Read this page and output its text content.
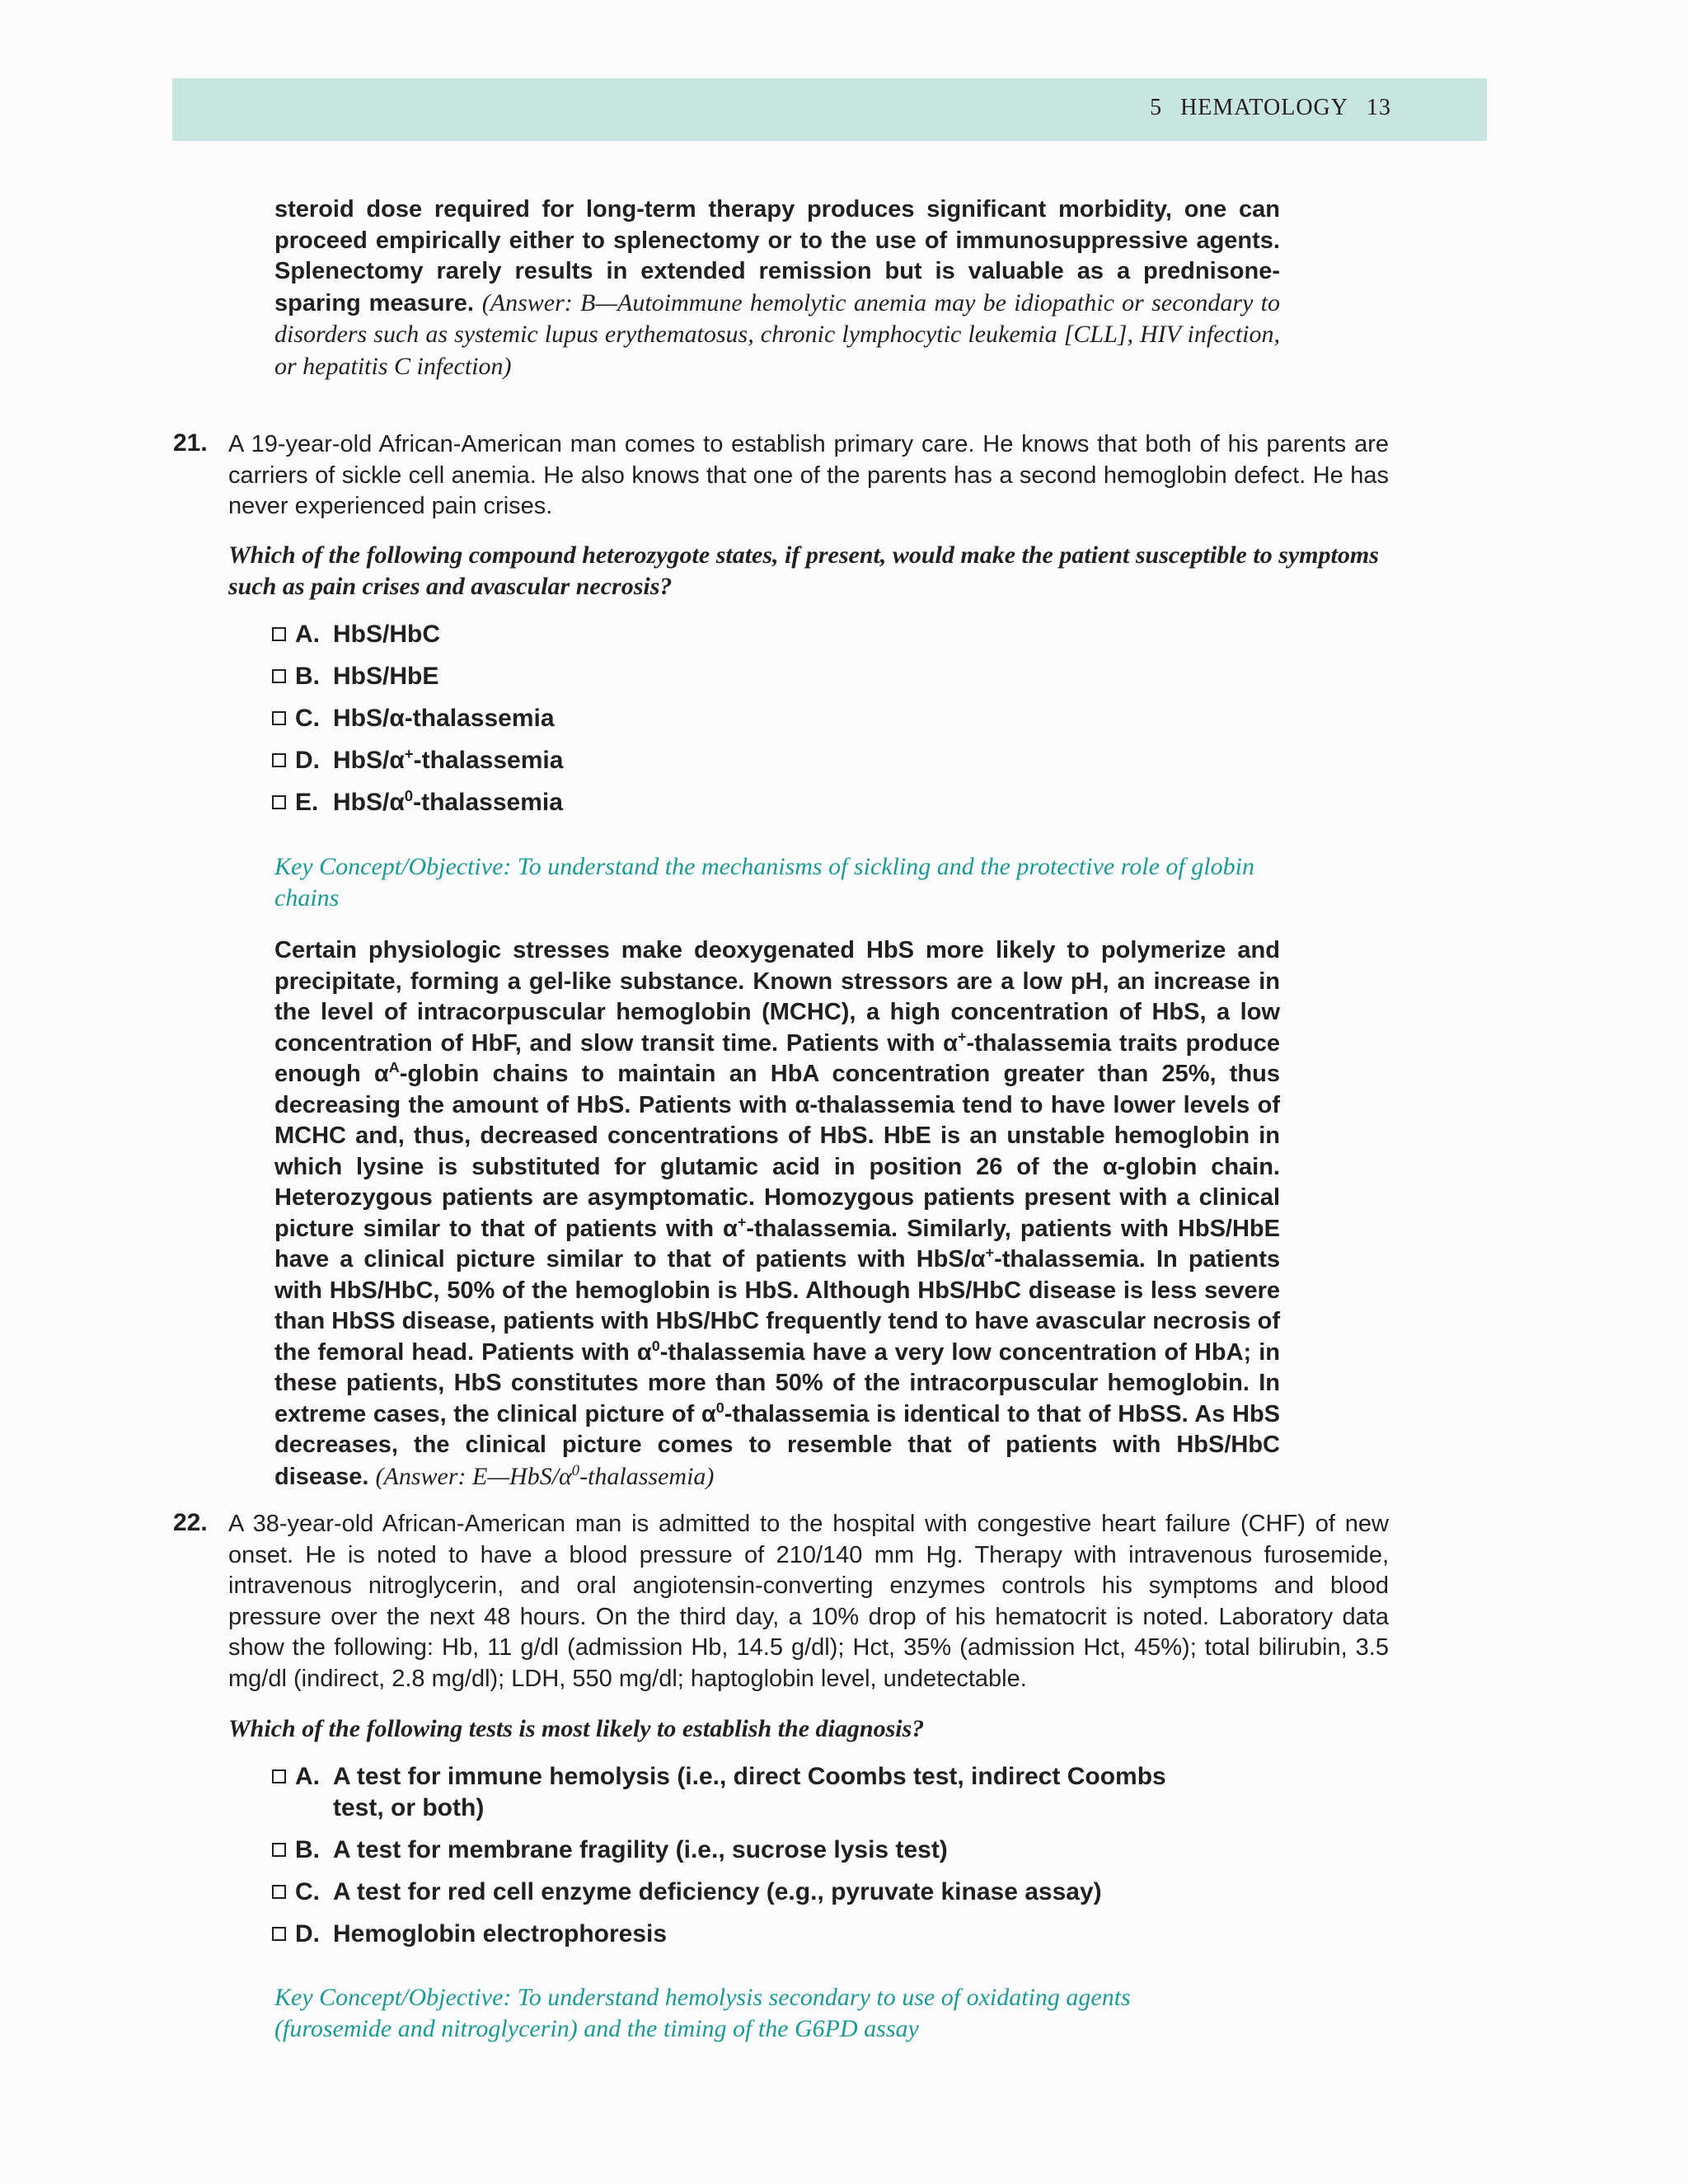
5 HEMATOLOGY 13
steroid dose required for long-term therapy produces significant morbidity, one can proceed empirically either to splenectomy or to the use of immunosuppressive agents. Splenectomy rarely results in extended remission but is valuable as a prednisone-sparing measure. (Answer: B—Autoimmune hemolytic anemia may be idiopathic or secondary to disorders such as systemic lupus erythematosus, chronic lymphocytic leukemia [CLL], HIV infection, or hepatitis C infection)
21. A 19-year-old African-American man comes to establish primary care. He knows that both of his parents are carriers of sickle cell anemia. He also knows that one of the parents has a second hemoglobin defect. He has never experienced pain crises.
Which of the following compound heterozygote states, if present, would make the patient susceptible to symptoms such as pain crises and avascular necrosis?
A. HbS/HbC
B. HbS/HbE
C. HbS/α-thalassemia
D. HbS/α+-thalassemia
E. HbS/$\alpha^0$-thalassemia
Key Concept/Objective: To understand the mechanisms of sickling and the protective role of globin chains
Certain physiologic stresses make deoxygenated HbS more likely to polymerize and precipitate, forming a gel-like substance. Known stressors are a low pH, an increase in the level of intracorpuscular hemoglobin (MCHC), a high concentration of HbS, a low concentration of HbF, and slow transit time. Patients with α+-thalassemia traits produce enough $\alpha^A$-globin chains to maintain an HbA concentration greater than 25%, thus decreasing the amount of HbS. Patients with α-thalassemia tend to have lower levels of MCHC and, thus, decreased concentrations of HbS. HbE is an unstable hemoglobin in which lysine is substituted for glutamic acid in position 26 of the α-globin chain. Heterozygous patients are asymptomatic. Homozygous patients present with a clinical picture similar to that of patients with α+-thalassemia. Similarly, patients with HbS/HbE have a clinical picture similar to that of patients with HbS/α+-thalassemia. In patients with HbS/HbC, 50% of the hemoglobin is HbS. Although HbS/HbC disease is less severe than HbSS disease, patients with HbS/HbC frequently tend to have avascular necrosis of the femoral head. Patients with $\alpha^0$-thalassemia have a very low concentration of HbA; in these patients, HbS constitutes more than 50% of the intracorpuscular hemoglobin. In extreme cases, the clinical picture of $\alpha^0$-thalassemia is identical to that of HbSS. As HbS decreases, the clinical picture comes to resemble that of patients with HbS/HbC disease. (Answer: $E—HbS/\alpha^0-thalassemia$)
22. A 38-year-old African-American man is admitted to the hospital with congestive heart failure (CHF) of new onset. He is noted to have a blood pressure of 210/140 mm Hg. Therapy with intravenous furosemide, intravenous nitroglycerin, and oral angiotensin-converting enzymes controls his symptoms and blood pressure over the next 48 hours. On the third day, a 10% drop of his hematocrit is noted. Laboratory data show the following: Hb, 11 g/dl (admission Hb, 14.5 g/dl); Hct, 35% (admission Hct, 45%); total bilirubin, 3.5 mg/dl (indirect, 2.8 mg/dl); LDH, 550 mg/dl; haptoglobin level, undetectable.
Which of the following tests is most likely to establish the diagnosis?
A. A test for immune hemolysis (i.e., direct Coombs test, indirect Coombs test, or both)
B. A test for membrane fragility (i.e., sucrose lysis test)
C. A test for red cell enzyme deficiency (e.g., pyruvate kinase assay)
D. Hemoglobin electrophoresis
Key Concept/Objective: To understand hemolysis secondary to use of oxidating agents (furosemide and nitroglycerin) and the timing of the G6PD assay
